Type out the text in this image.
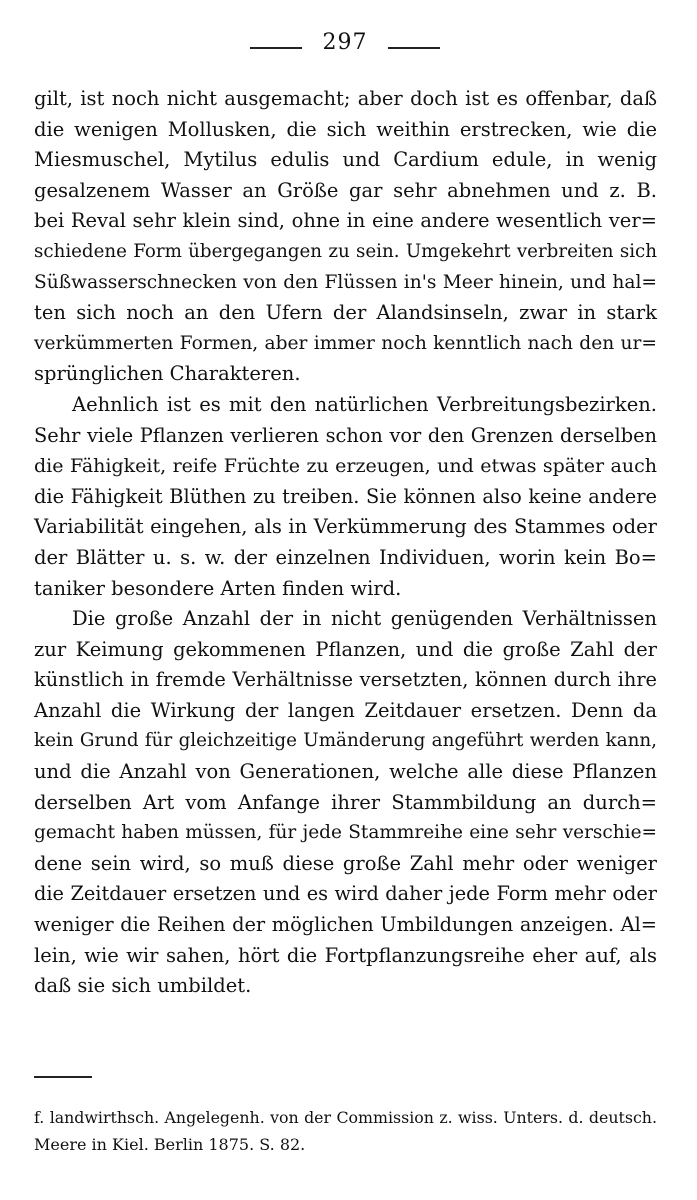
297
gilt, ist noch nicht ausgemacht; aber doch ist es offenbar, daß
die wenigen Mollusken, die sich weithin erstrecken, wie die
Miesmuschel, Mytilus edulis und Cardium edule, in wenig
gesalzenem Wasser an Größe gar sehr abnehmen und z. B.
bei Reval sehr klein sind, ohne in eine andere wesentlich ver=
schiedene Form übergegangen zu sein. Umgekehrt verbreiten sich
Süßwasserschnecken von den Flüssen in's Meer hinein, und hal=
ten sich noch an den Ufern der Alandsinseln, zwar in stark
verkümmerten Formen, aber immer noch kenntlich nach den ur=
sprünglichen Charakteren.
Aehnlich ist es mit den natürlichen Verbreitungsbezirken.
Sehr viele Pflanzen verlieren schon vor den Grenzen derselben
die Fähigkeit, reife Früchte zu erzeugen, und etwas später auch
die Fähigkeit Blüthen zu treiben. Sie können also keine andere
Variabilität eingehen, als in Verkümmerung des Stammes oder
der Blätter u. s. w. der einzelnen Individuen, worin kein Bo=
taniker besondere Arten finden wird.
Die große Anzahl der in nicht genügenden Verhältnissen
zur Keimung gekommenen Pflanzen, und die große Zahl der
künstlich in fremde Verhältnisse versetzten, können durch ihre
Anzahl die Wirkung der langen Zeitdauer ersetzen. Denn da
kein Grund für gleichzeitige Umänderung angeführt werden kann,
und die Anzahl von Generationen, welche alle diese Pflanzen
derselben Art vom Anfange ihrer Stammbildung an durch=
gemacht haben müssen, für jede Stammreihe eine sehr verschie=
dene sein wird, so muß diese große Zahl mehr oder weniger
die Zeitdauer ersetzen und es wird daher jede Form mehr oder
weniger die Reihen der möglichen Umbildungen anzeigen. Al=
lein, wie wir sahen, hört die Fortpflanzungsreihe eher auf, als
daß sie sich umbildet.
f. landwirthsch. Angelegenh. von der Commission z. wiss. Unters. d. deutsch.
Meere in Kiel. Berlin 1875. S. 82.
